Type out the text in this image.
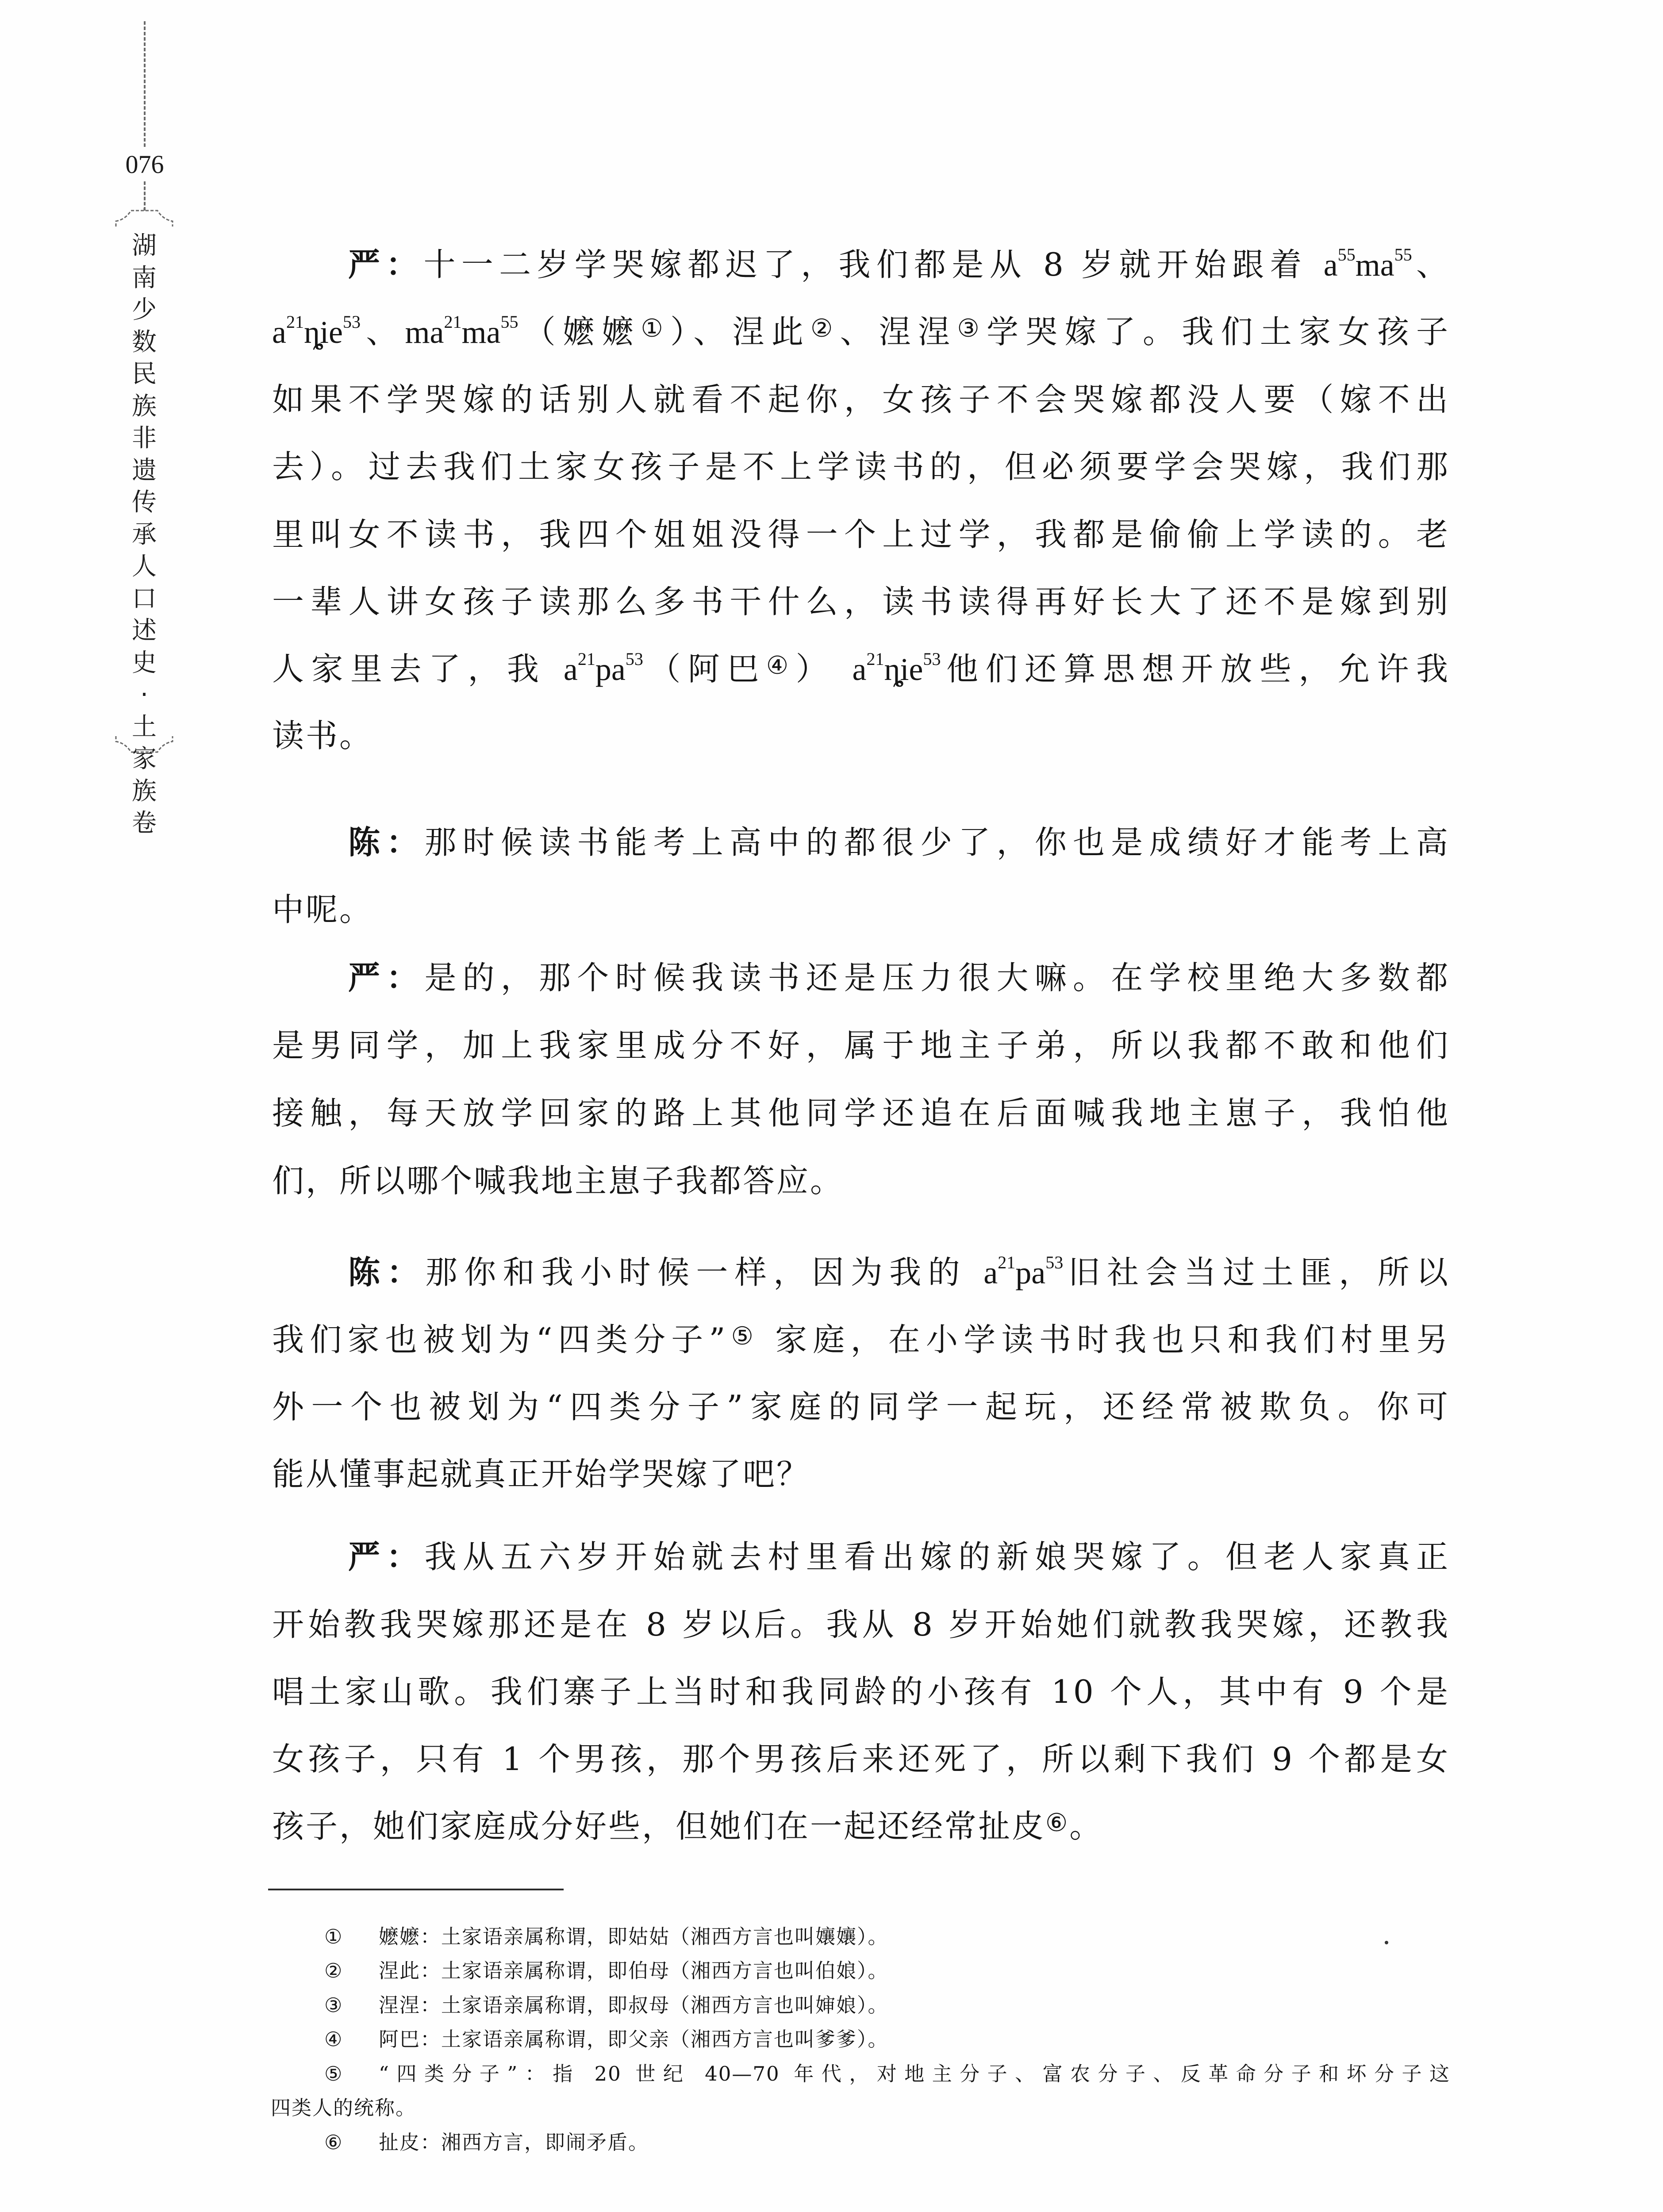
076
湖南少数民族非遗传承人口述史·土家族卷
严：十一二岁学哭嫁都迟了，我们都是从 8 岁就开始跟着 $a^{55}ma^{55}$、
$a^{21}ȵ̥ie^{53}$、$ma^{21}ma^{55}$（嬷嬷①）、涅此②、涅涅③学哭嫁了。我们土家女孩子
如果不学哭嫁的话别人就看不起你，女孩子不会哭嫁都没人要（嫁不出
去）。过去我们土家女孩子是不上学读书的，但必须要学会哭嫁，我们那
里叫女不读书，我四个姐姐没得一个上过学，我都是偷偷上学读的。老
一辈人讲女孩子读那么多书干什么，读书读得再好长大了还不是嫁到别
人家里去了，我 $a^{21}pa^{53}$（阿巴④） $a^{21}ȵ̥ie^{53}$他们还算思想开放些，允许我
读书。
陈：那时候读书能考上高中的都很少了，你也是成绩好才能考上高
中呢。
严：是的，那个时候我读书还是压力很大嘛。在学校里绝大多数都
是男同学，加上我家里成分不好，属于地主子弟，所以我都不敢和他们
接触，每天放学回家的路上其他同学还追在后面喊我地主崽子，我怕他
们，所以哪个喊我地主崽子我都答应。
陈：那你和我小时候一样，因为我的 $a^{21}pa^{53}$旧社会当过土匪，所以
我们家也被划为“四类分子”⑤ 家庭，在小学读书时我也只和我们村里另
外一个也被划为“四类分子”家庭的同学一起玩，还经常被欺负。你可
能从懂事起就真正开始学哭嫁了吧？
严：我从五六岁开始就去村里看出嫁的新娘哭嫁了。但老人家真正
开始教我哭嫁那还是在 8 岁以后。我从 8 岁开始她们就教我哭嫁，还教我
唱土家山歌。我们寨子上当时和我同龄的小孩有 10 个人，其中有 9 个是
女孩子，只有 1 个男孩，那个男孩后来还死了，所以剩下我们 9 个都是女
孩子，她们家庭成分好些，但她们在一起还经常扯皮⑥。
① 嬷嬷：土家语亲属称谓，即姑姑（湘西方言也叫孃孃）。
② 涅此：土家语亲属称谓，即伯母（湘西方言也叫伯娘）。
③ 涅涅：土家语亲属称谓，即叔母（湘西方言也叫婶娘）。
④ 阿巴：土家语亲属称谓，即父亲（湘西方言也叫爹爹）。
⑤ “四类分子”：指 20 世纪 40—70 年代，对地主分子、富农分子、反革命分子和坏分子这
四类人的统称。
⑥ 扯皮：湘西方言，即闹矛盾。
